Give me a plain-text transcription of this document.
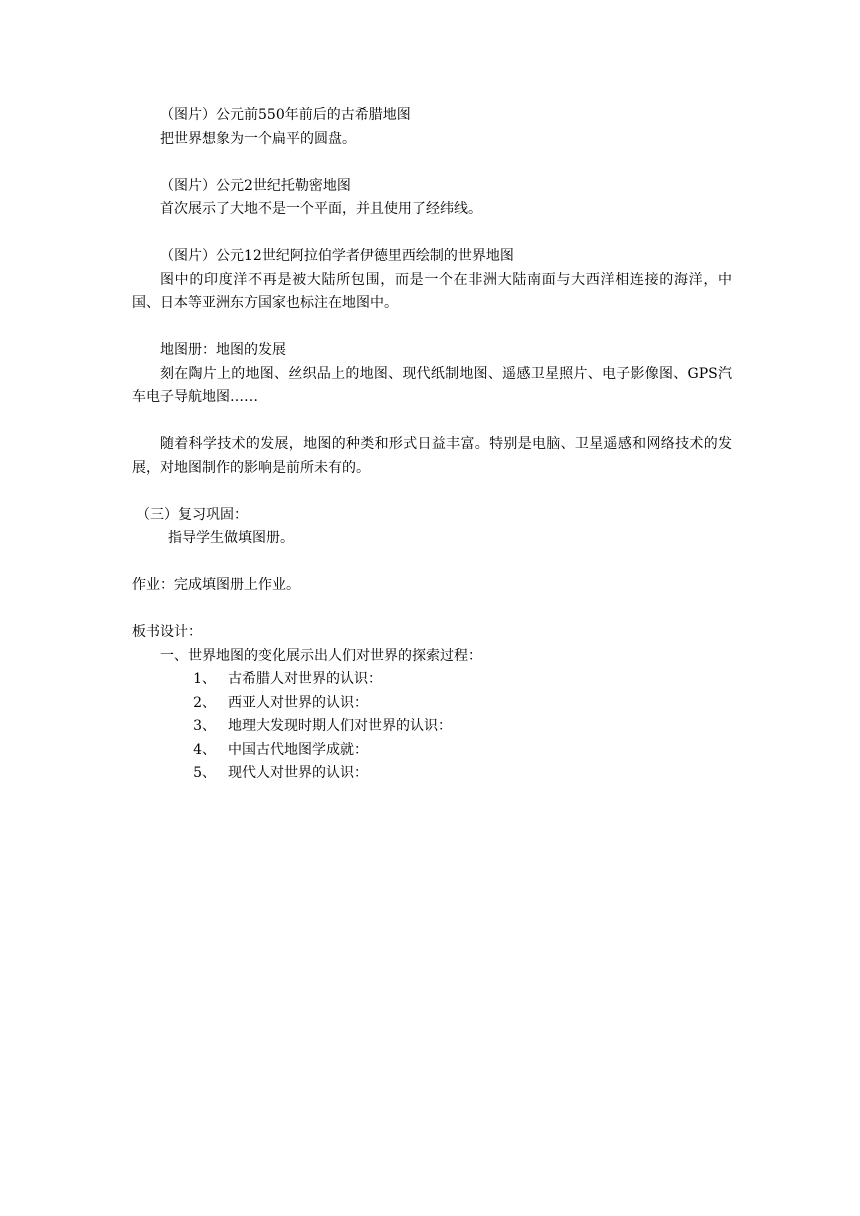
（图片）公元前550年前后的古希腊地图

把世界想象为一个扁平的圆盘。

（图片）公元2世纪托勒密地图

首次展示了大地不是一个平面，并且使用了经纬线。

（图片）公元12世纪阿拉伯学者伊德里西绘制的世界地图

图中的印度洋不再是被大陆所包围，而是一个在非洲大陆南面与大西洋相连接的海洋，中国、日本等亚洲东方国家也标注在地图中。

地图册：地图的发展

刻在陶片上的地图、丝织品上的地图、现代纸制地图、遥感卫星照片、电子影像图、GPS汽车电子导航地图……

随着科学技术的发展，地图的种类和形式日益丰富。特别是电脑、卫星遥感和网络技术的发展，对地图制作的影响是前所未有的。

（三）复习巩固：

指导学生做填图册。

作业：完成填图册上作业。

板书设计：

一、世界地图的变化展示出人们对世界的探索过程：

1、 古希腊人对世界的认识：
2、 西亚人对世界的认识：
3、 地理大发现时期人们对世界的认识：
4、 中国古代地图学成就：
5、 现代人对世界的认识：
